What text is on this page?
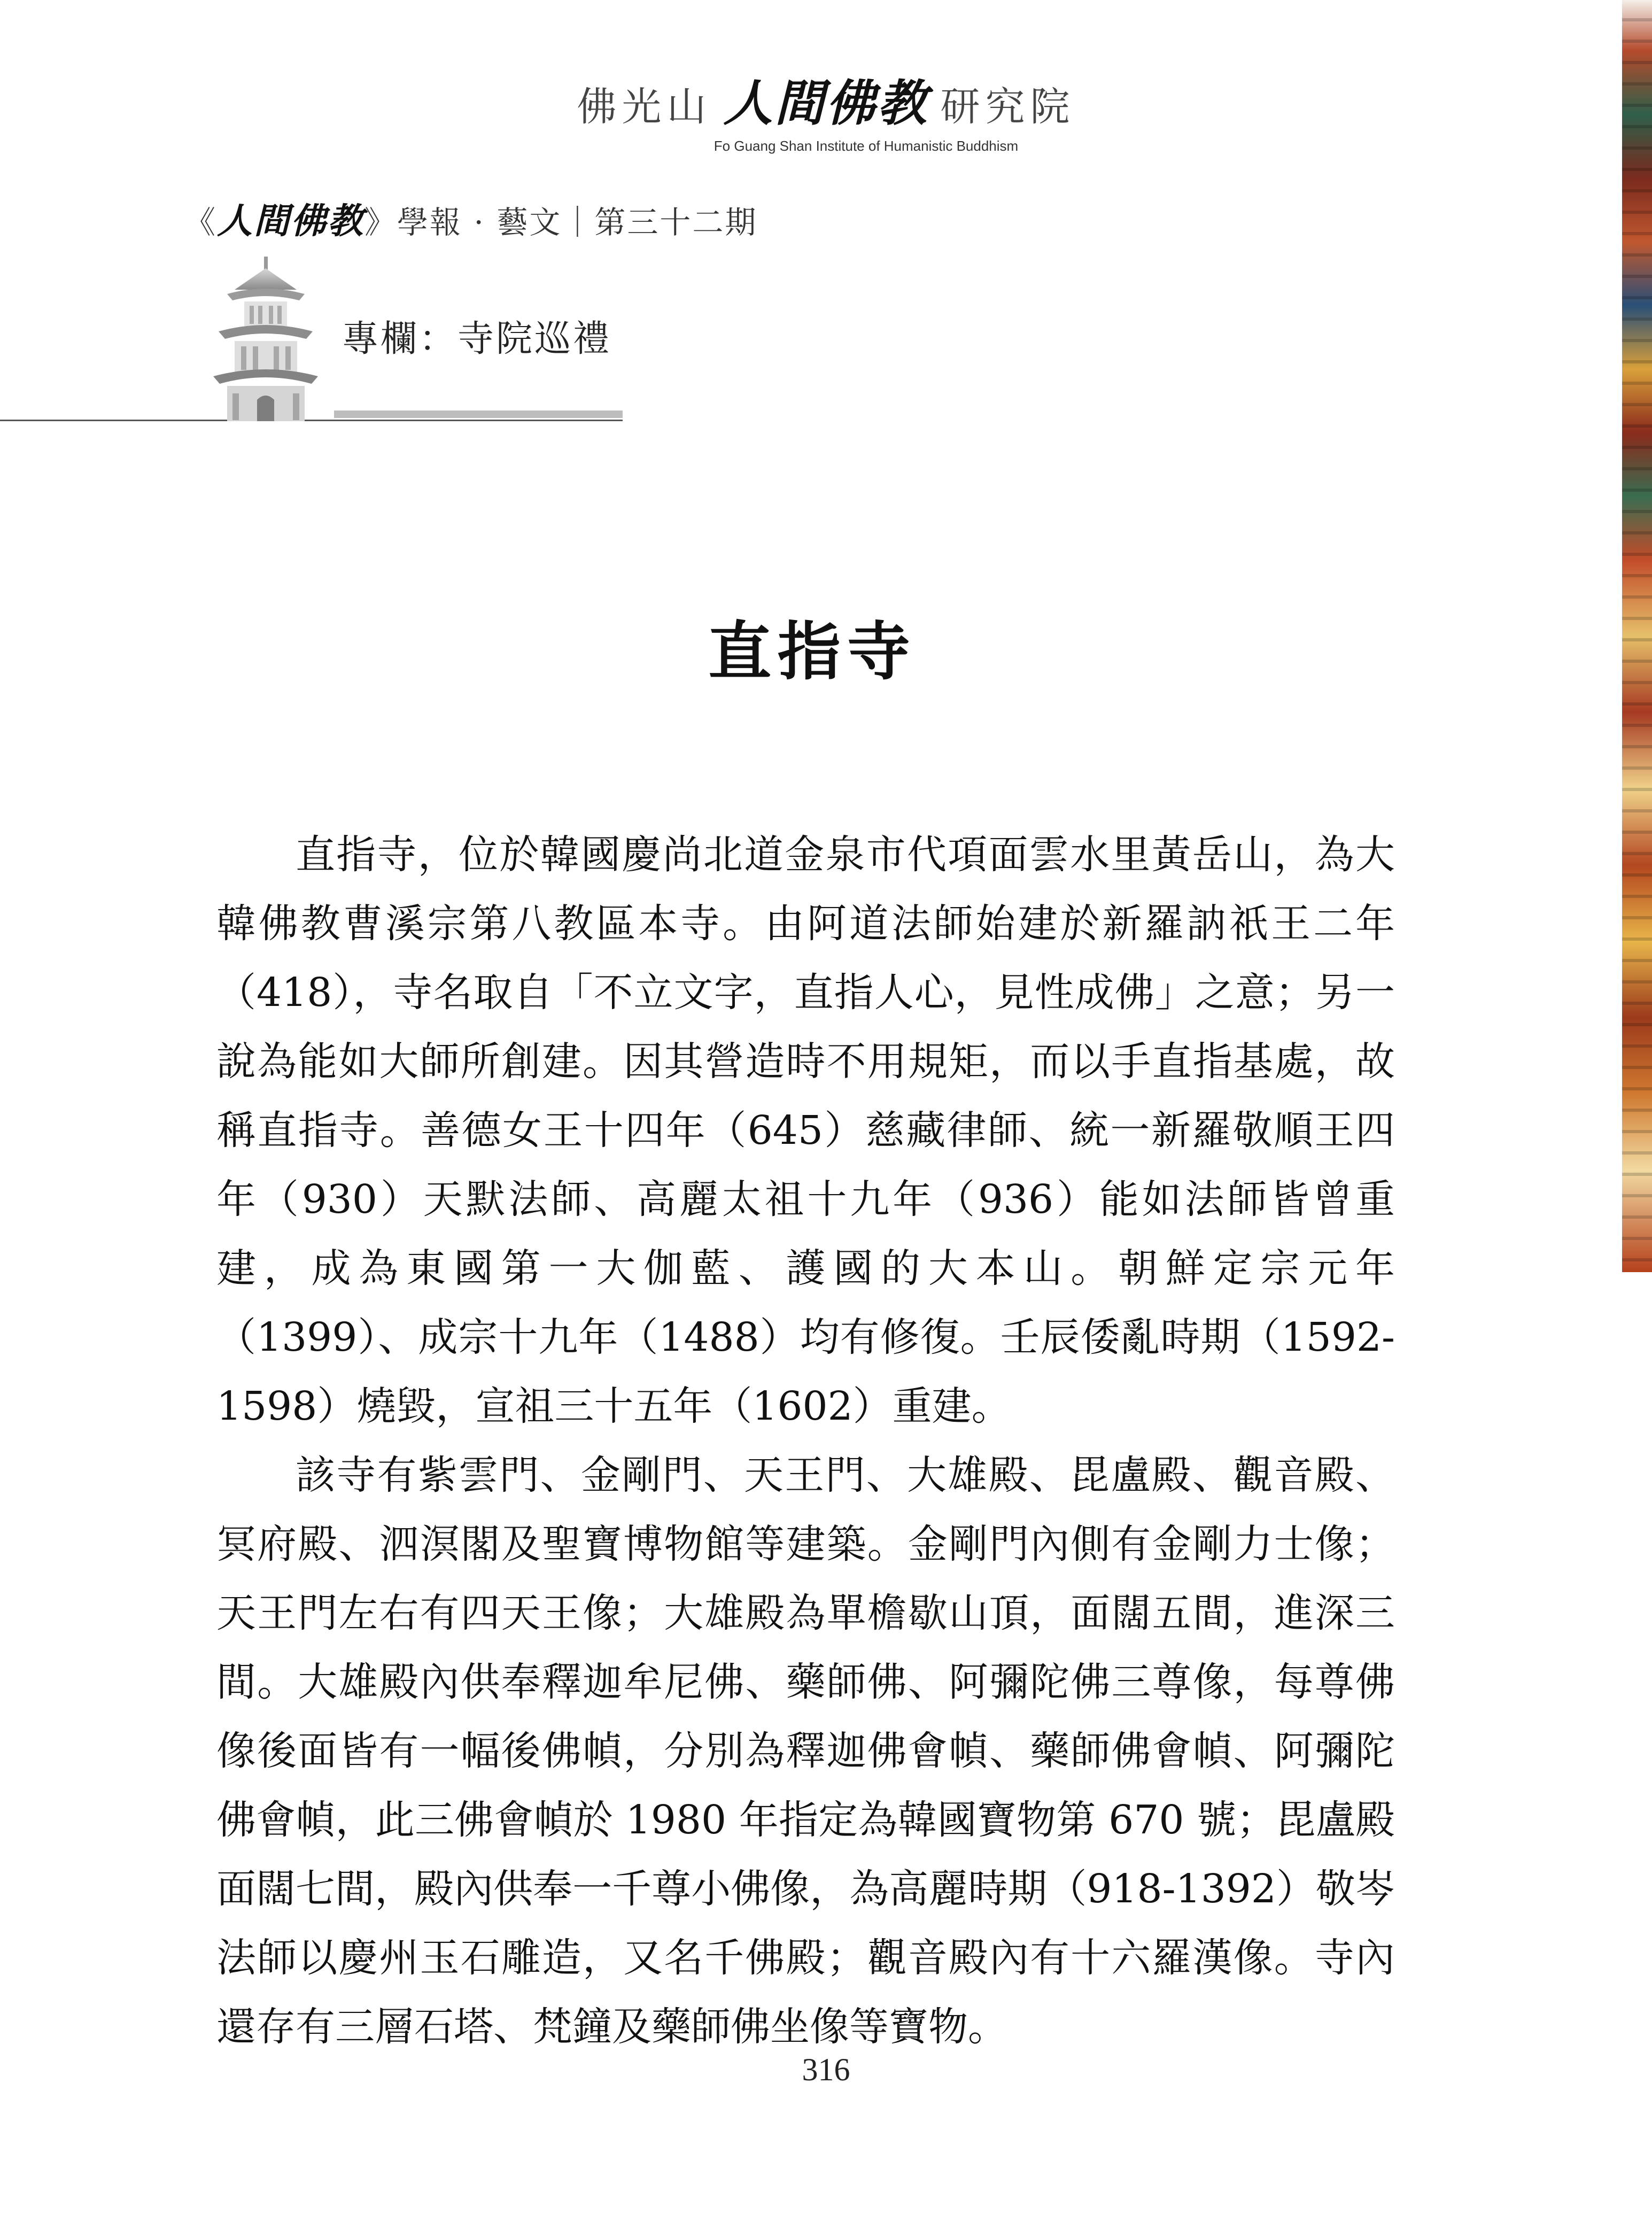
佛光山 人間佛教 研究院
Fo Guang Shan Institute of Humanistic Buddhism
《人間佛教》學報 · 藝文｜第三十二期
專欄：寺院巡禮
直指寺

直指寺，位於韓國慶尚北道金泉市代項面雲水里黃岳山，為大韓佛教曹溪宗第八教區本寺。由阿道法師始建於新羅訥祇王二年（418），寺名取自「不立文字，直指人心，見性成佛」之意；另一說為能如大師所創建。因其營造時不用規矩，而以手直指基處，故稱直指寺。善德女王十四年（645）慈藏律師、統一新羅敬順王四年（930）天默法師、高麗太祖十九年（936）能如法師皆曾重建，成為東國第一大伽藍、護國的大本山。朝鮮定宗元年（1399）、成宗十九年（1488）均有修復。壬辰倭亂時期（1592-1598）燒毀，宣祖三十五年（1602）重建。

該寺有紫雲門、金剛門、天王門、大雄殿、毘盧殿、觀音殿、冥府殿、泗溟閣及聖寶博物館等建築。金剛門內側有金剛力士像；天王門左右有四天王像；大雄殿為單檐歇山頂，面闊五間，進深三間。大雄殿內供奉釋迦牟尼佛、藥師佛、阿彌陀佛三尊像，每尊佛像後面皆有一幅後佛幀，分別為釋迦佛會幀、藥師佛會幀、阿彌陀佛會幀，此三佛會幀於 1980 年指定為韓國寶物第 670 號；毘盧殿面闊七間，殿內供奉一千尊小佛像，為高麗時期（918-1392）敬岑法師以慶州玉石雕造，又名千佛殿；觀音殿內有十六羅漢像。寺內還存有三層石塔、梵鐘及藥師佛坐像等寶物。

316
